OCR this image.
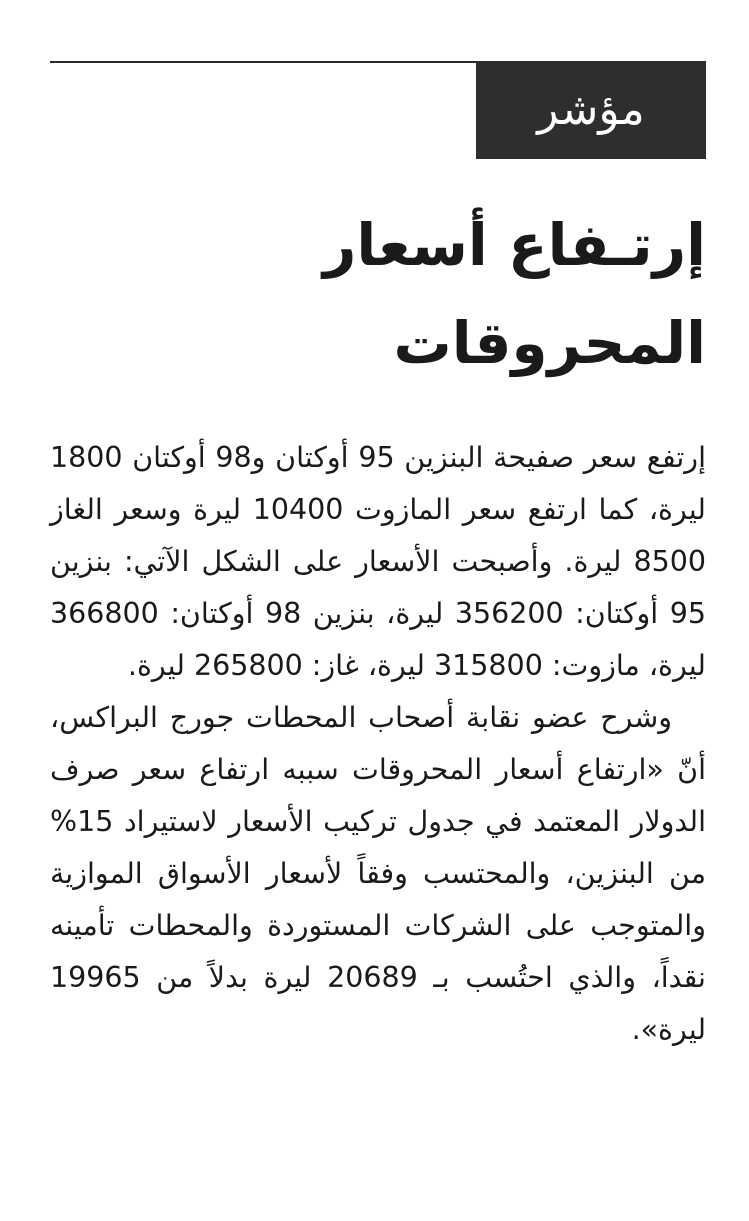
مؤشر
إرتـفاع أسعار المحروقات

إرتفع سعر صفيحة البنزين 95 أوكتان و98 أوكتان 1800 ليرة، كما ارتفع سعر المازوت 10400 ليرة وسعر الغاز 8500 ليرة. وأصبحت الأسعار على الشكل الآتي: بنزين 95 أوكتان: 356200 ليرة، بنزين 98 أوكتان: 366800 ليرة، مازوت: 315800 ليرة، غاز: 265800 ليرة.

وشرح عضو نقابة أصحاب المحطات جورج البراكس، أنّ «ارتفاع أسعار المحروقات سببه ارتفاع سعر صرف الدولار المعتمد في جدول تركيب الأسعار لاستيراد 15% من البنزين، والمحتسب وفقاً لأسعار الأسواق الموازية والمتوجب على الشركات المستوردة والمحطات تأمينه نقداً، والذي احتُسب بـ 20689 ليرة بدلاً من 19965 ليرة».
